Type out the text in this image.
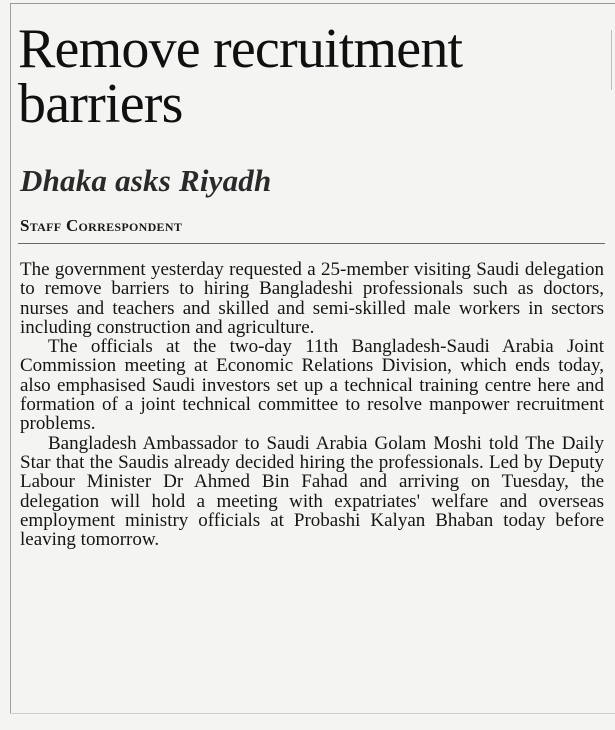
Remove recruitment barriers
Dhaka asks Riyadh
Staff Correspondent

The government yesterday requested a 25-member visiting Saudi delegation to remove barriers to hiring Bangladeshi professionals such as doctors, nurses and teachers and skilled and semi-skilled male workers in sectors including construction and agriculture.

The officials at the two-day 11th Bangladesh-Saudi Arabia Joint Commission meeting at Economic Relations Division, which ends today, also emphasised Saudi investors set up a technical training centre here and formation of a joint technical committee to resolve manpower recruitment problems.

Bangladesh Ambassador to Saudi Arabia Golam Moshi told The Daily Star that the Saudis already decided hiring the professionals. Led by Deputy Labour Minister Dr Ahmed Bin Fahad and arriving on Tuesday, the delegation will hold a meeting with expatriates' welfare and overseas employment ministry officials at Probashi Kalyan Bhaban today before leaving tomorrow.
